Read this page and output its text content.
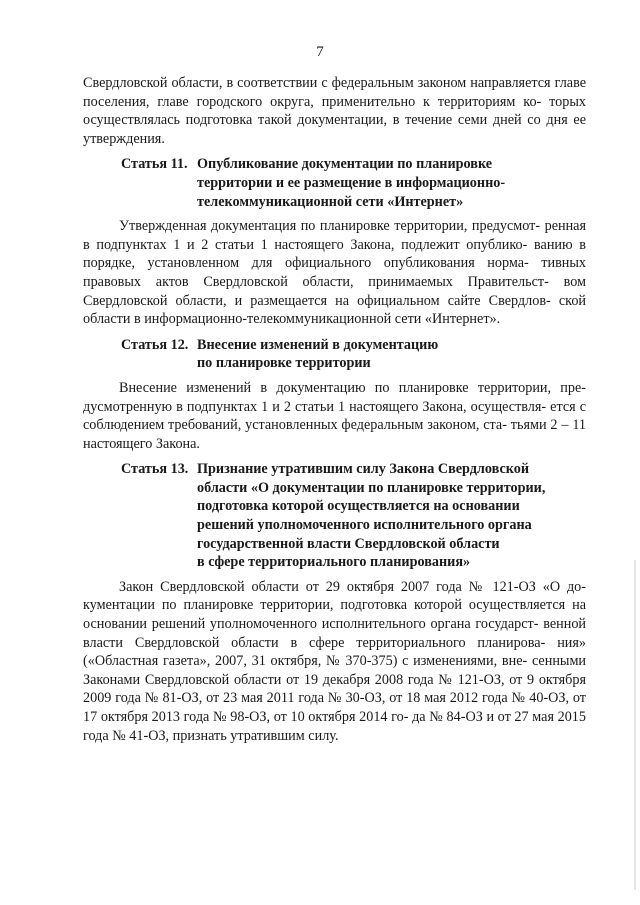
7

Свердловской области, в соответствии с федеральным законом направляется главе поселения, главе городского округа, применительно к территориям ко- торых осуществлялась подготовка такой документации, в течение семи дней со дня ее утверждения.

Статья 11. Опубликование документации по планировке
территории и ее размещение в информационно-
телекоммуникационной сети «Интернет»

Утвержденная документация по планировке территории, предусмот- ренная в подпунктах 1 и 2 статьи 1 настоящего Закона, подлежит опублико- ванию в порядке, установленном для официального опубликования норма- тивных правовых актов Свердловской области, принимаемых Правительст- вом Свердловской области, и размещается на официальном сайте Свердлов- ской области в информационно-телекоммуникационной сети «Интернет».

Статья 12. Внесение изменений в документацию
по планировке территории

Внесение изменений в документацию по планировке территории, пре- дусмотренную в подпунктах 1 и 2 статьи 1 настоящего Закона, осуществля- ется с соблюдением требований, установленных федеральным законом, ста- тьями 2 – 11 настоящего Закона.

Статья 13. Признание утратившим силу Закона Свердловской
области «О документации по планировке территории,
подготовка которой осуществляется на основании
решений уполномоченного исполнительного органа
государственной власти Свердловской области
в сфере территориального планирования»

Закон Свердловской области от 29 октября 2007 года № 121-ОЗ «О до- кументации по планировке территории, подготовка которой осуществляется на основании решений уполномоченного исполнительного органа государст- венной власти Свердловской области в сфере территориального планирова- ния» («Областная газета», 2007, 31 октября, № 370-375) с изменениями, вне- сенными Законами Свердловской области от 19 декабря 2008 года № 121-ОЗ, от 9 октября 2009 года № 81-ОЗ, от 23 мая 2011 года № 30-ОЗ, от 18 мая 2012 года № 40-ОЗ, от 17 октября 2013 года № 98-ОЗ, от 10 октября 2014 го- да № 84-ОЗ и от 27 мая 2015 года № 41-ОЗ, признать утратившим силу.
